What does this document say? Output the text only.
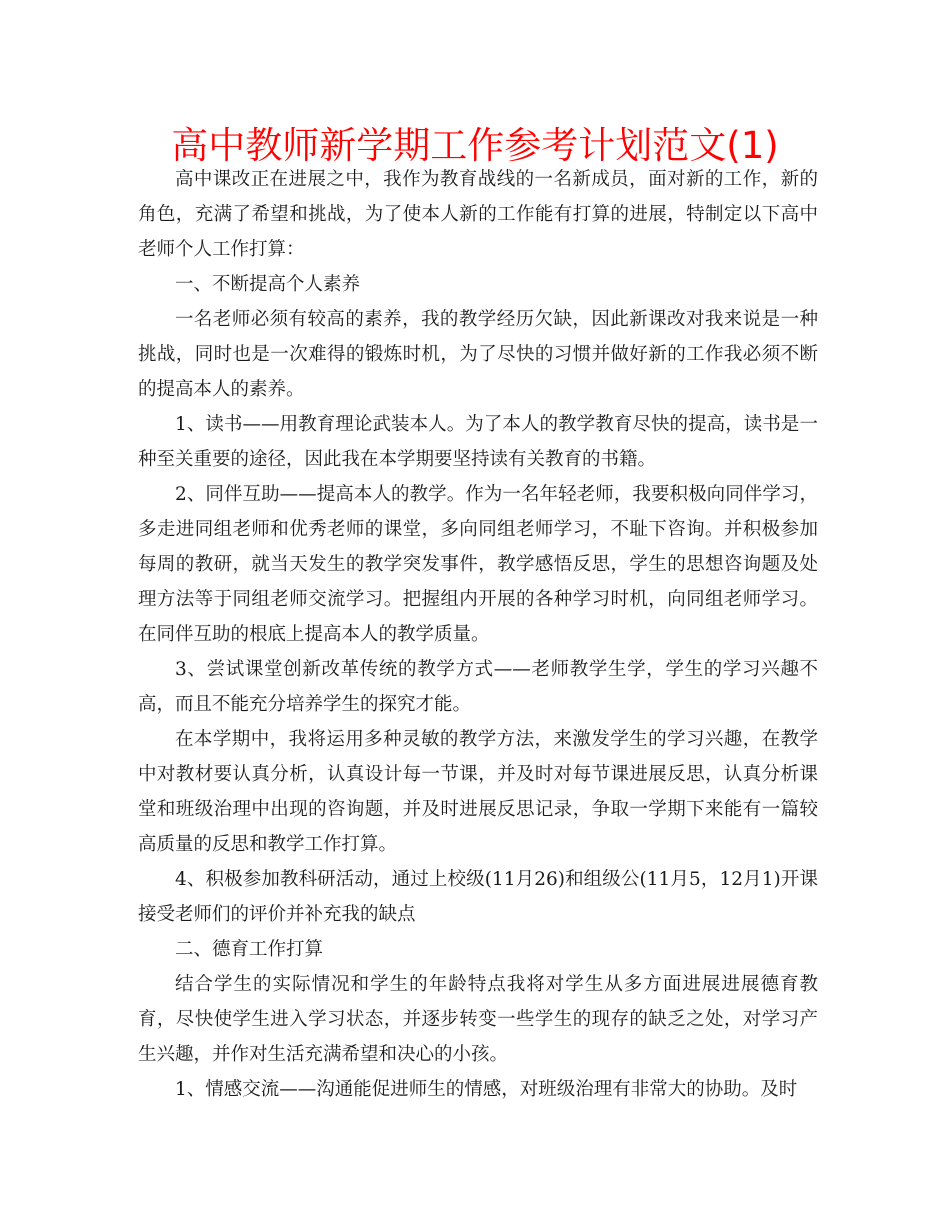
高中教师新学期工作参考计划范文(1)

高中课改正在进展之中，我作为教育战线的一名新成员，面对新的工作，新的角色，充满了希望和挑战，为了使本人新的工作能有打算的进展，特制定以下高中老师个人工作打算：

一、不断提高个人素养

一名老师必须有较高的素养，我的教学经历欠缺，因此新课改对我来说是一种挑战，同时也是一次难得的锻炼时机，为了尽快的习惯并做好新的工作我必须不断的提高本人的素养。

1、读书——用教育理论武装本人。为了本人的教学教育尽快的提高，读书是一种至关重要的途径，因此我在本学期要坚持读有关教育的书籍。

2、同伴互助——提高本人的教学。作为一名年轻老师，我要积极向同伴学习，多走进同组老师和优秀老师的课堂，多向同组老师学习，不耻下咨询。并积极参加每周的教研，就当天发生的教学突发事件，教学感悟反思，学生的思想咨询题及处理方法等于同组老师交流学习。把握组内开展的各种学习时机，向同组老师学习。在同伴互助的根底上提高本人的教学质量。

3、尝试课堂创新改革传统的教学方式——老师教学生学，学生的学习兴趣不高，而且不能充分培养学生的探究才能。

在本学期中，我将运用多种灵敏的教学方法，来激发学生的学习兴趣，在教学中对教材要认真分析，认真设计每一节课，并及时对每节课进展反思，认真分析课堂和班级治理中出现的咨询题，并及时进展反思记录，争取一学期下来能有一篇较高质量的反思和教学工作打算。

4、积极参加教科研活动，通过上校级(11月26)和组级公(11月5，12月1)开课接受老师们的评价并补充我的缺点

二、德育工作打算

结合学生的实际情况和学生的年龄特点我将对学生从多方面进展进展德育教育，尽快使学生进入学习状态，并逐步转变一些学生的现存的缺乏之处，对学习产生兴趣，并作对生活充满希望和决心的小孩。

1、情感交流——沟通能促进师生的情感，对班级治理有非常大的协助。及时
